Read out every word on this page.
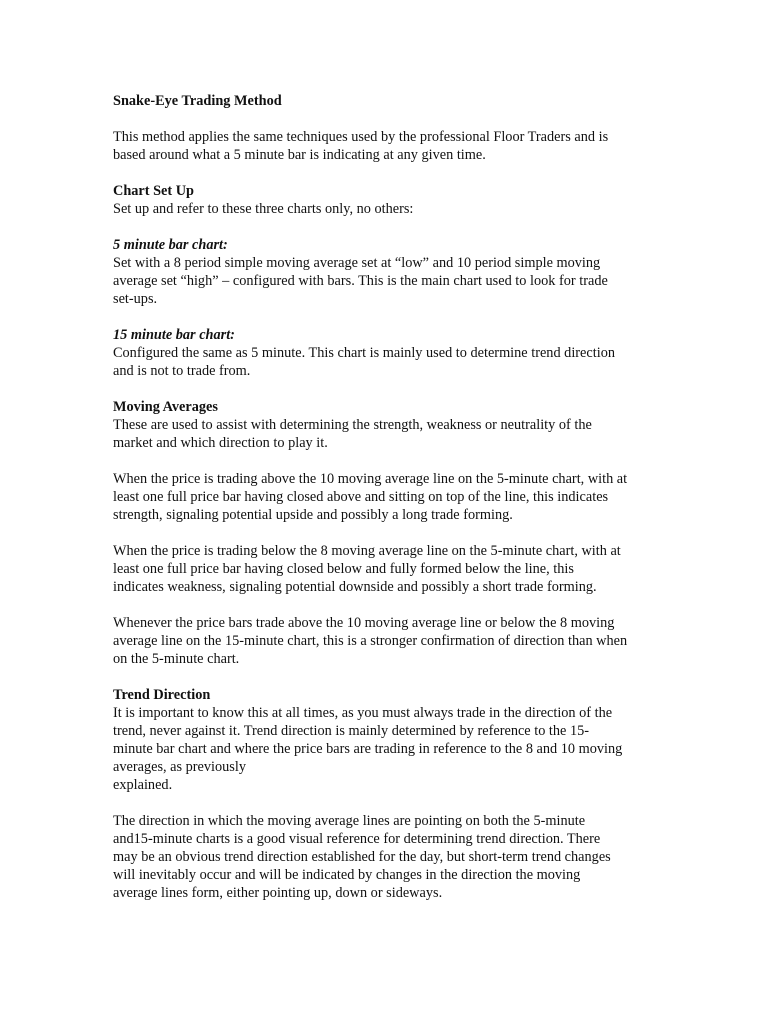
Snake-Eye Trading Method
This method applies the same techniques used by the professional Floor Traders and is
based around what a 5 minute bar is indicating at any given time.
Chart Set Up
Set up and refer to these three charts only, no others:
5 minute bar chart:
Set with a 8 period simple moving average set at “low” and 10 period simple moving
average set “high” – configured with bars. This is the main chart used to look for trade
set-ups.
15 minute bar chart:
Configured the same as 5 minute. This chart is mainly used to determine trend direction
and is not to trade from.
Moving Averages
These are used to assist with determining the strength, weakness or neutrality of the
market and which direction to play it.
When the price is trading above the 10 moving average line on the 5-minute chart, with at
least one full price bar having closed above and sitting on top of the line, this indicates
strength, signaling potential upside and possibly a long trade forming.
When the price is trading below the 8 moving average line on the 5-minute chart, with at
least one full price bar having closed below and fully formed below the line, this
indicates weakness, signaling potential downside and possibly a short trade forming.
Whenever the price bars trade above the 10 moving average line or below the 8 moving
average line on the 15-minute chart, this is a stronger confirmation of direction than when
on the 5-minute chart.
Trend Direction
It is important to know this at all times, as you must always trade in the direction of the
trend, never against it. Trend direction is mainly determined by reference to the 15-
minute bar chart and where the price bars are trading in reference to the 8 and 10 moving
averages, as previously
explained.
The direction in which the moving average lines are pointing on both the 5-minute
and15-minute charts is a good visual reference for determining trend direction. There
may be an obvious trend direction established for the day, but short-term trend changes
will inevitably occur and will be indicated by changes in the direction the moving
average lines form, either pointing up, down or sideways.
